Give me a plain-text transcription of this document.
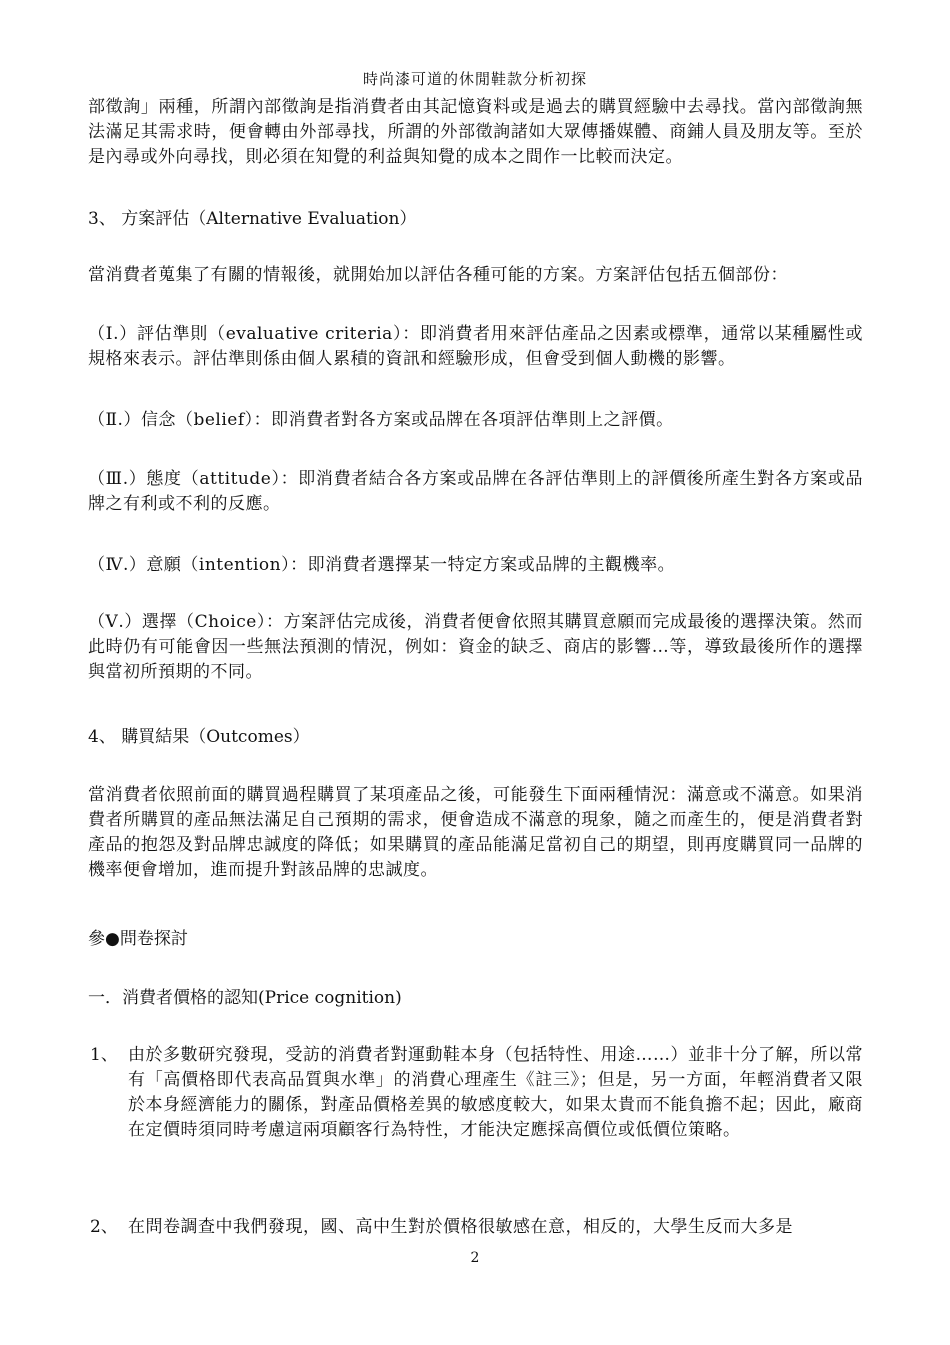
時尚漆可道的休閒鞋款分析初探
部徵詢」兩種，所謂內部徵詢是指消費者由其記憶資料或是過去的購買經驗中去尋找。當內部徵詢無法滿足其需求時，便會轉由外部尋找，所謂的外部徵詢諸如大眾傳播媒體、商鋪人員及朋友等。至於是內尋或外向尋找，則必須在知覺的利益與知覺的成本之間作一比較而決定。
3、 方案評估（Alternative Evaluation）
當消費者蒐集了有關的情報後，就開始加以評估各種可能的方案。方案評估包括五個部份：
（Ⅰ.）評估準則（evaluative criteria）：即消費者用來評估產品之因素或標準，通常以某種屬性或規格來表示。評估準則係由個人累積的資訊和經驗形成，但會受到個人動機的影響。
（Ⅱ.）信念（belief）：即消費者對各方案或品牌在各項評估準則上之評價。
（Ⅲ.）態度（attitude）：即消費者結合各方案或品牌在各評估準則上的評價後所產生對各方案或品牌之有利或不利的反應。
（Ⅳ.）意願（intention）：即消費者選擇某一特定方案或品牌的主觀機率。
（Ⅴ.）選擇（Choice）：方案評估完成後，消費者便會依照其購買意願而完成最後的選擇決策。然而此時仍有可能會因一些無法預測的情況，例如：資金的缺乏、商店的影響…等，導致最後所作的選擇與當初所預期的不同。
4、 購買結果（Outcomes）
當消費者依照前面的購買過程購買了某項產品之後，可能發生下面兩種情況：滿意或不滿意。如果消費者所購買的產品無法滿足自己預期的需求，便會造成不滿意的現象，隨之而產生的，便是消費者對產品的抱怨及對品牌忠誠度的降低；如果購買的產品能滿足當初自己的期望，則再度購買同一品牌的機率便會增加，進而提升對該品牌的忠誠度。
參●問卷探討
一．消費者價格的認知(Price cognition)
1、 由於多數研究發現，受訪的消費者對運動鞋本身（包括特性、用途……）並非十分了解，所以常有「高價格即代表高品質與水準」的消費心理產生《註三》；但是，另一方面，年輕消費者又限於本身經濟能力的關係，對產品價格差異的敏感度較大，如果太貴而不能負擔不起；因此，廠商在定價時須同時考慮這兩項顧客行為特性，才能決定應採高價位或低價位策略。
2、 在問卷調查中我們發現，國、高中生對於價格很敏感在意，相反的，大學生反而大多是
2
